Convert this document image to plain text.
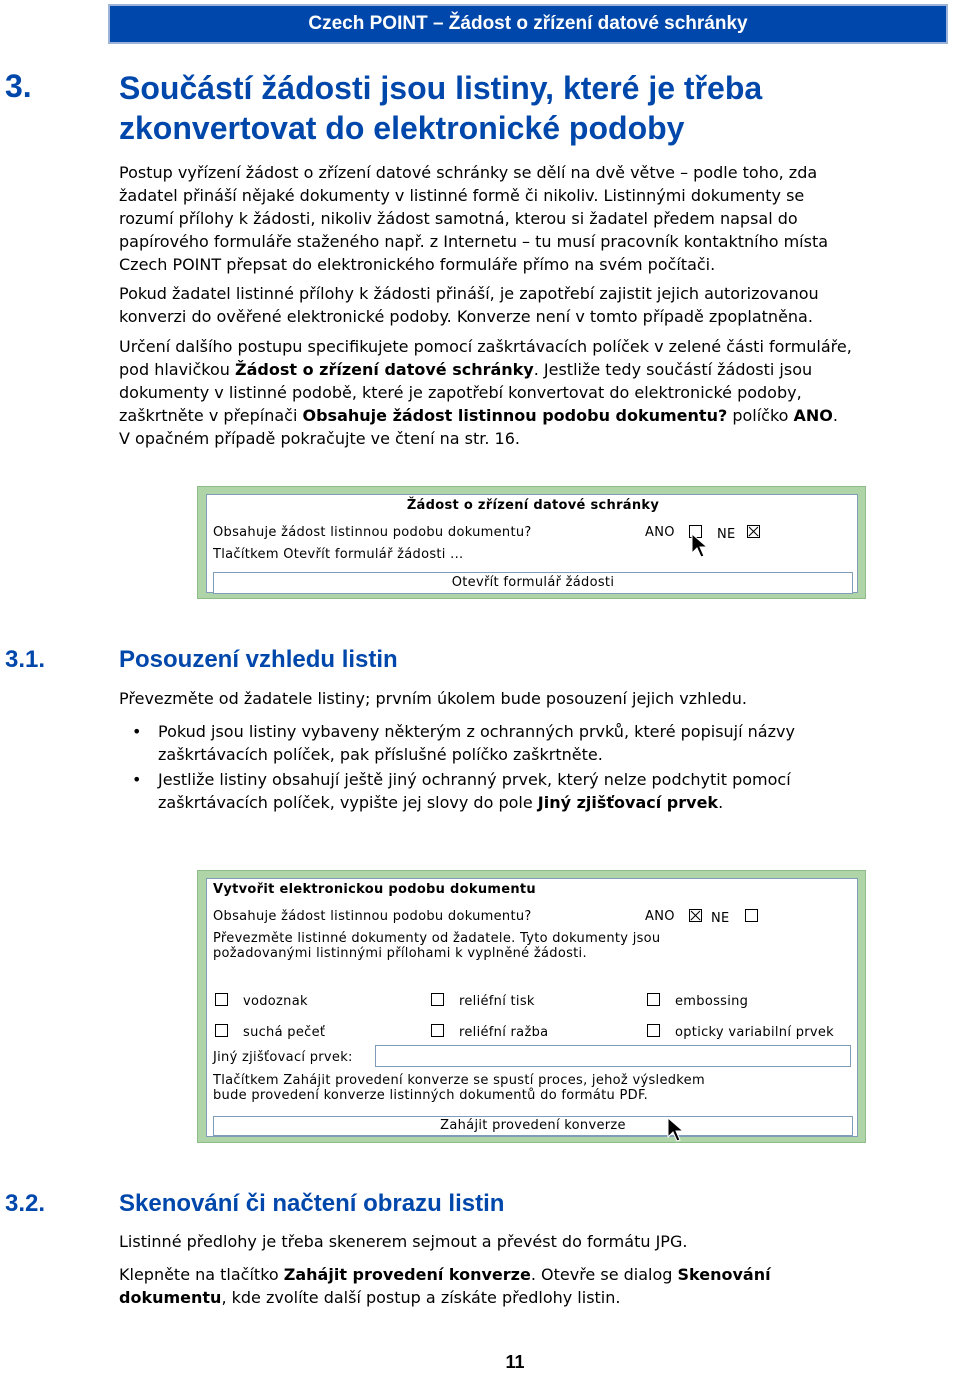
Czech POINT – Žádost o zřízení datové schránky
3.	Součástí žádosti jsou listiny, které je třeba
zkonvertovat do elektronické podoby
Postup vyřízení žádost o zřízení datové schránky se dělí na dvě větve – podle toho, zda
žadatel přináší nějaké dokumenty v listinné formě či nikoliv. Listinnými dokumenty se
rozumí přílohy k žádosti, nikoliv žádost samotná, kterou si žadatel předem napsal do
papírového formuláře staženého např. z Internetu – tu musí pracovník kontaktního místa
Czech POINT přepsat do elektronického formuláře přímo na svém počítači.
Pokud žadatel listinné přílohy k žádosti přináší, je zapotřebí zajistit jejich autorizovanou
konverzi do ověřené elektronické podoby. Konverze není v tomto případě zpoplatněna.
Určení dalšího postupu specifikujete pomocí zaškrtávacích políček v zelené části formuláře,
pod hlavičkou Žádost o zřízení datové schránky. Jestliže tedy součástí žádosti jsou
dokumenty v listinné podobě, které je zapotřebí konvertovat do elektronické podoby,
zaškrtněte v přepínači Obsahuje žádost listinnou podobu dokumentu? políčko ANO.
V opačném případě pokračujte ve čtení na str. 16.
Žádost o zřízení datové schránky
Obsahuje žádost listinnou podobu dokumentu?	ANO	NE
Tlačítkem Otevřít formulář žádosti ...
Otevřít formulář žádosti
3.1.	Posouzení vzhledu listin
Převezměte od žadatele listiny; prvním úkolem bude posouzení jejich vzhledu.
• Pokud jsou listiny vybaveny některým z ochranných prvků, které popisují názvy
zaškrtávacích políček, pak příslušné políčko zaškrtněte.
• Jestliže listiny obsahují ještě jiný ochranný prvek, který nelze podchytit pomocí
zaškrtávacích políček, vypište jej slovy do pole Jiný zjišťovací prvek.
Vytvořit elektronickou podobu dokumentu
Obsahuje žádost listinnou podobu dokumentu?	ANO	NE
Převezměte listinné dokumenty od žadatele. Tyto dokumenty jsou
požadovanými listinnými přílohami k vyplněné žádosti.
vodoznak	reliéfní tisk	embossing
suchá pečeť	reliéfní ražba	opticky variabilní prvek
Jiný zjišťovací prvek:
Tlačítkem Zahájit provedení konverze se spustí proces, jehož výsledkem
bude provedení konverze listinných dokumentů do formátu PDF.
Zahájit provedení konverze
3.2.	Skenování či načtení obrazu listin
Listinné předlohy je třeba skenerem sejmout a převést do formátu JPG.
Klepněte na tlačítko Zahájit provedení konverze. Otevře se dialog Skenování
dokumentu, kde zvolíte další postup a získáte předlohy listin.
11
